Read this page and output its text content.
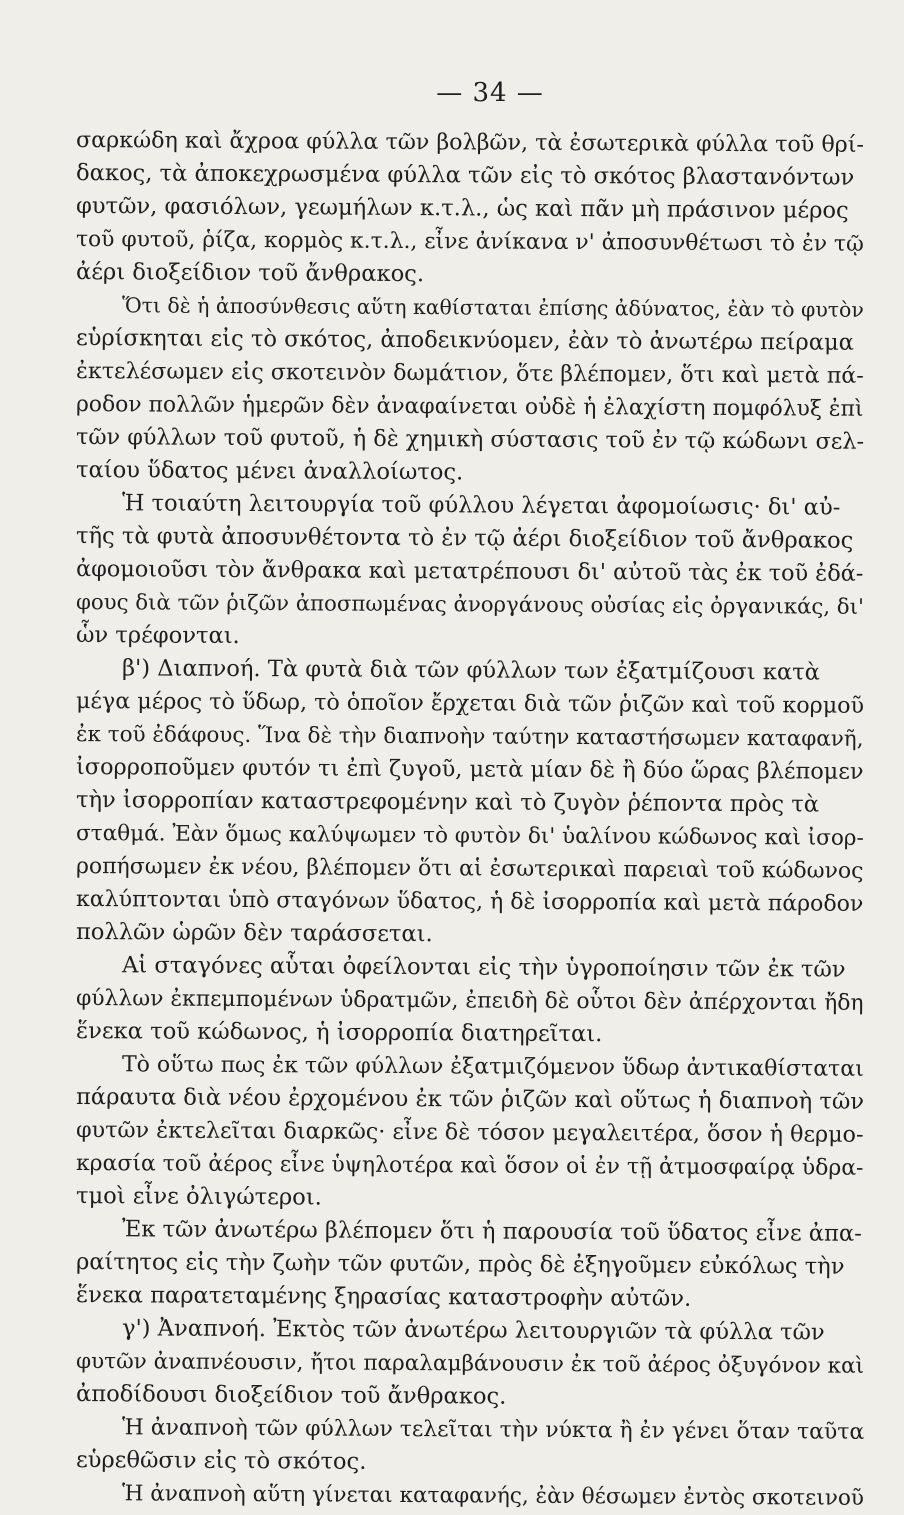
— 34 —
σαρκώδη καὶ ἄχροα φύλλα τῶν βολβῶν, τὰ ἐσωτερικὰ φύλλα τοῦ θρί-
δακος, τὰ ἀποκεχρωσμένα φύλλα τῶν εἰς τὸ σκότος βλαστανόντων
φυτῶν, φασιόλων, γεωμήλων κ.τ.λ., ὡς καὶ πᾶν μὴ πράσινον μέρος
τοῦ φυτοῦ, ῥίζα, κορμὸς κ.τ.λ., εἶνε ἀνίκανα ν' ἀποσυνθέτωσι τὸ ἐν τῷ
ἀέρι διοξείδιον τοῦ ἄνθρακος.
Ὅτι δὲ ἡ ἀποσύνθεσις αὕτη καθίσταται ἐπίσης ἀδύνατος, ἐὰν τὸ φυτὸν
εὑρίσκηται εἰς τὸ σκότος, ἀποδεικνύομεν, ἐὰν τὸ ἀνωτέρω πείραμα
ἐκτελέσωμεν εἰς σκοτεινὸν δωμάτιον, ὅτε βλέπομεν, ὅτι καὶ μετὰ πά-
ροδον πολλῶν ἡμερῶν δὲν ἀναφαίνεται οὐδὲ ἡ ἐλαχίστη πομφόλυξ ἐπὶ
τῶν φύλλων τοῦ φυτοῦ, ἡ δὲ χημικὴ σύστασις τοῦ ἐν τῷ κώδωνι σελ-
ταίου ὕδατος μένει ἀναλλοίωτος.
Ἡ τοιαύτη λειτουργία τοῦ φύλλου λέγεται ἀφομοίωσις· δι' αὐ-
τῆς τὰ φυτὰ ἀποσυνθέτοντα τὸ ἐν τῷ ἀέρι διοξείδιον τοῦ ἄνθρακος
ἀφομοιοῦσι τὸν ἄνθρακα καὶ μετατρέπουσι δι' αὐτοῦ τὰς ἐκ τοῦ ἐδά-
φους διὰ τῶν ῥιζῶν ἀποσπωμένας ἀνοργάνους οὐσίας εἰς ὀργανικάς, δι'
ὧν τρέφονται.
β') Διαπνοή. Τὰ φυτὰ διὰ τῶν φύλλων των ἐξατμίζουσι κατὰ
μέγα μέρος τὸ ὕδωρ, τὸ ὁποῖον ἔρχεται διὰ τῶν ῥιζῶν καὶ τοῦ κορμοῦ
ἐκ τοῦ ἐδάφους. Ἵνα δὲ τὴν διαπνοὴν ταύτην καταστήσωμεν καταφανῆ,
ἰσορροποῦμεν φυτόν τι ἐπὶ ζυγοῦ, μετὰ μίαν δὲ ἢ δύο ὥρας βλέπομεν
τὴν ἰσορροπίαν καταστρεφομένην καὶ τὸ ζυγὸν ῥέποντα πρὸς τὰ
σταθμά. Ἐὰν ὅμως καλύψωμεν τὸ φυτὸν δι' ὑαλίνου κώδωνος καὶ ἰσορ-
ροπήσωμεν ἐκ νέου, βλέπομεν ὅτι αἱ ἐσωτερικαὶ παρειαὶ τοῦ κώδωνος
καλύπτονται ὑπὸ σταγόνων ὕδατος, ἡ δὲ ἰσορροπία καὶ μετὰ πάροδον
πολλῶν ὡρῶν δὲν ταράσσεται.
Αἱ σταγόνες αὗται ὀφείλονται εἰς τὴν ὑγροποίησιν τῶν ἐκ τῶν
φύλλων ἐκπεμπομένων ὑδρατμῶν, ἐπειδὴ δὲ οὗτοι δὲν ἀπέρχονται ἤδη
ἕνεκα τοῦ κώδωνος, ἡ ἰσορροπία διατηρεῖται.
Τὸ οὕτω πως ἐκ τῶν φύλλων ἐξατμιζόμενον ὕδωρ ἀντικαθίσταται
πάραυτα διὰ νέου ἐρχομένου ἐκ τῶν ῥιζῶν καὶ οὕτως ἡ διαπνοὴ τῶν
φυτῶν ἐκτελεῖται διαρκῶς· εἶνε δὲ τόσον μεγαλειτέρα, ὅσον ἡ θερμο-
κρασία τοῦ ἀέρος εἶνε ὑψηλοτέρα καὶ ὅσον οἱ ἐν τῇ ἀτμοσφαίρᾳ ὑδρα-
τμοὶ εἶνε ὀλιγώτεροι.
Ἐκ τῶν ἀνωτέρω βλέπομεν ὅτι ἡ παρουσία τοῦ ὕδατος εἶνε ἀπα-
ραίτητος εἰς τὴν ζωὴν τῶν φυτῶν, πρὸς δὲ ἐξηγοῦμεν εὐκόλως τὴν
ἕνεκα παρατεταμένης ξηρασίας καταστροφὴν αὐτῶν.
γ') Ἀναπνοή. Ἐκτὸς τῶν ἀνωτέρω λειτουργιῶν τὰ φύλλα τῶν
φυτῶν ἀναπνέουσιν, ἤτοι παραλαμβάνουσιν ἐκ τοῦ ἀέρος ὀξυγόνον καὶ
ἀποδίδουσι διοξείδιον τοῦ ἄνθρακος.
Ἡ ἀναπνοὴ τῶν φύλλων τελεῖται τὴν νύκτα ἢ ἐν γένει ὅταν ταῦτα
εὑρεθῶσιν εἰς τὸ σκότος.
Ἡ ἀναπνοὴ αὕτη γίνεται καταφανής, ἐὰν θέσωμεν ἐντὸς σκοτεινοῦ
